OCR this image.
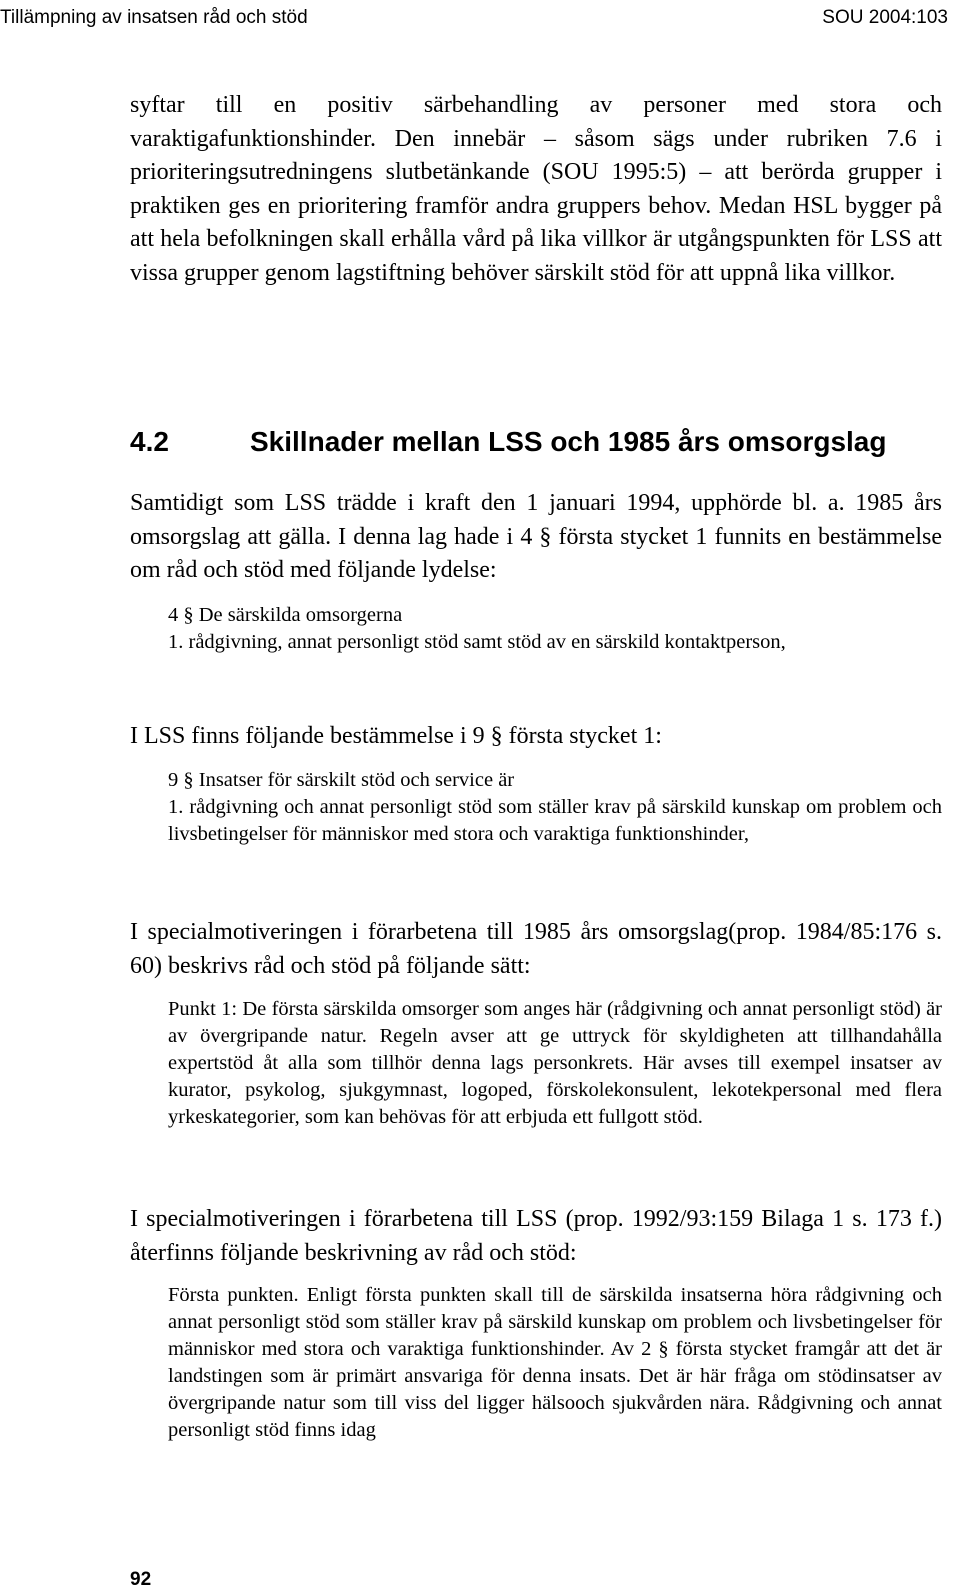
Tillämpning av insatsen råd och stöd	SOU 2004:103

syftar till en positiv särbehandling av personer med stora och varaktigafunktionshinder. Den innebär – såsom sägs under rubriken 7.6 i prioriteringsutredningens slutbetänkande (SOU 1995:5) – att berörda grupper i praktiken ges en prioritering framför andra gruppers behov. Medan HSL bygger på att hela befolkningen skall erhålla vård på lika villkor är utgångspunkten för LSS att vissa grupper genom lagstiftning behöver särskilt stöd för att uppnå lika villkor.

4.2	Skillnader mellan LSS och 1985 års omsorgslag

Samtidigt som LSS trädde i kraft den 1 januari 1994, upphörde bl. a. 1985 års omsorgslag att gälla. I denna lag hade i 4 § första stycket 1 funnits en bestämmelse om råd och stöd med följande lydelse:

4 § De särskilda omsorgerna
1. rådgivning, annat personligt stöd samt stöd av en särskild kontaktperson,

I LSS finns följande bestämmelse i 9 § första stycket 1:

9 § Insatser för särskilt stöd och service är
1. rådgivning och annat personligt stöd som ställer krav på särskild kunskap om problem och livsbetingelser för människor med stora och varaktiga funktionshinder,

I specialmotiveringen i förarbetena till 1985 års omsorgslag(prop. 1984/85:176 s. 60) beskrivs råd och stöd på följande sätt:

Punkt 1: De första särskilda omsorger som anges här (rådgivning och annat personligt stöd) är av övergripande natur. Regeln avser att ge uttryck för skyldigheten att tillhandahålla expertstöd åt alla som tillhör denna lags personkrets. Här avses till exempel insatser av kurator, psykolog, sjukgymnast, logoped, förskolekonsulent, lekotekpersonal med flera yrkeskategorier, som kan behövas för att erbjuda ett fullgott stöd.

I specialmotiveringen i förarbetena till LSS (prop. 1992/93:159 Bilaga 1 s. 173 f.) återfinns följande beskrivning av råd och stöd:

Första punkten. Enligt första punkten skall till de särskilda insatserna höra rådgivning och annat personligt stöd som ställer krav på särskild kunskap om problem och livsbetingelser för människor med stora och varaktiga funktionshinder. Av 2 § första stycket framgår att det är landstingen som är primärt ansvariga för denna insats. Det är här fråga om stödinsatser av övergripande natur som till viss del ligger hälsooch sjukvården nära. Rådgivning och annat personligt stöd finns idag

92
